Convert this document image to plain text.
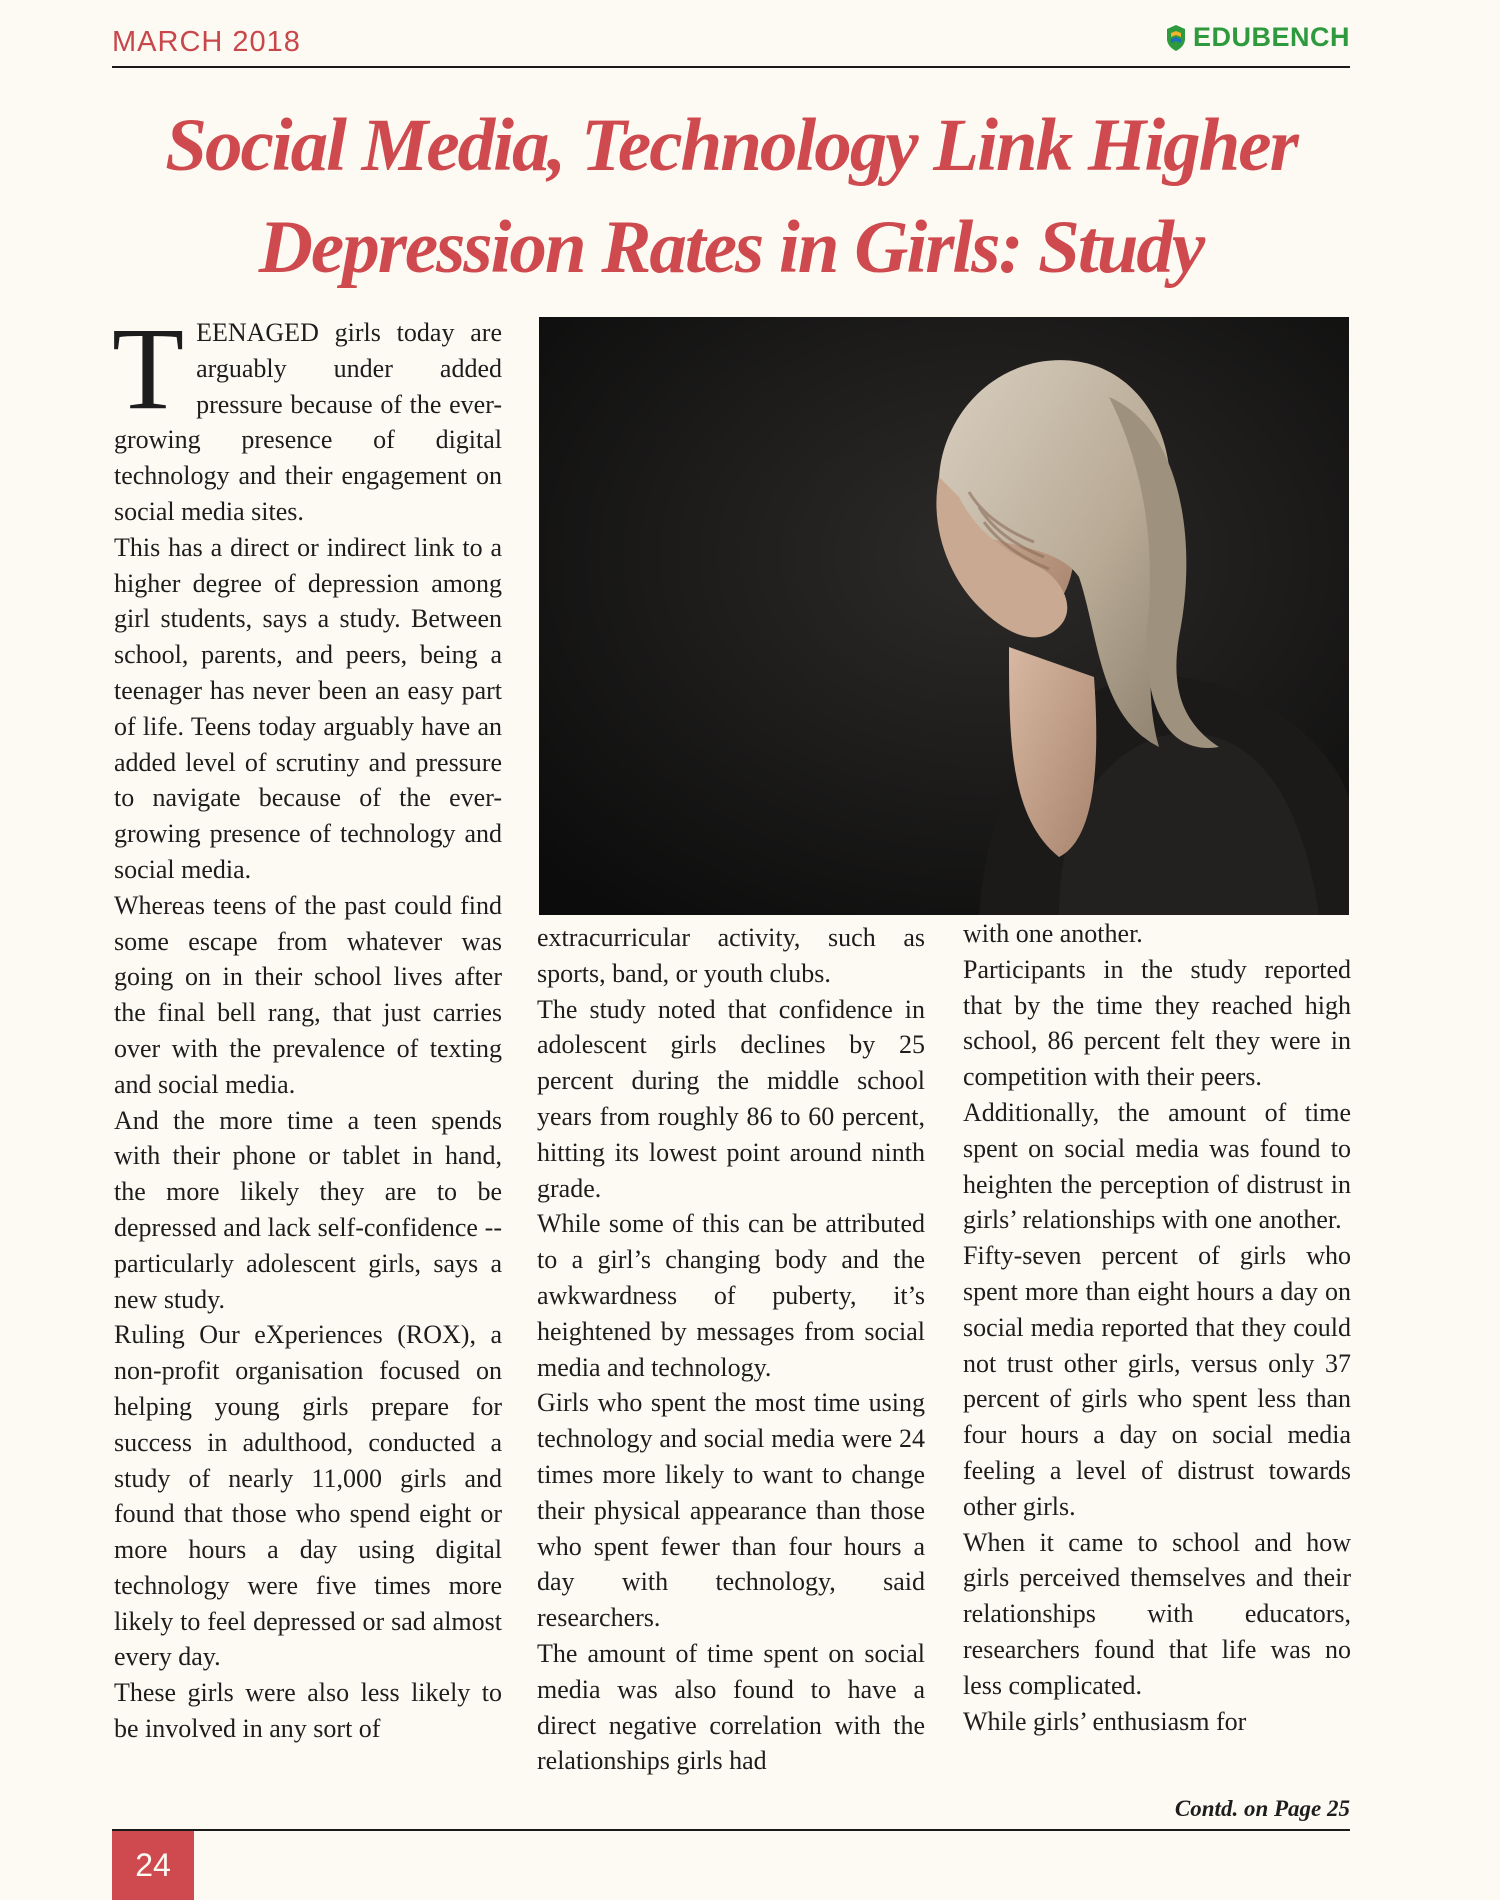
MARCH 2018	EDUBENCH
Social Media, Technology Link Higher Depression Rates in Girls: Study

TEENAGED girls today are arguably under added pressure because of the ever-growing presence of digital technology and their engagement on social media sites.

This has a direct or indirect link to a higher degree of depression among girl students, says a study. Between school, parents, and peers, being a teenager has never been an easy part of life. Teens today arguably have an added level of scrutiny and pressure to navigate because of the ever-growing presence of technology and social media.

Whereas teens of the past could find some escape from whatever was going on in their school lives after the final bell rang, that just carries over with the prevalence of texting and social media.

And the more time a teen spends with their phone or tablet in hand, the more likely they are to be depressed and lack self-confidence -- particularly adolescent girls, says a new study.

Ruling Our eXperiences (ROX), a non-profit organisation focused on helping young girls prepare for success in adulthood, conducted a study of nearly 11,000 girls and found that those who spend eight or more hours a day using digital technology were five times more likely to feel depressed or sad almost every day.

These girls were also less likely to be involved in any sort of

extracurricular activity, such as sports, band, or youth clubs.

The study noted that confidence in adolescent girls declines by 25 percent during the middle school years from roughly 86 to 60 percent, hitting its lowest point around ninth grade.

While some of this can be attributed to a girl’s changing body and the awkwardness of puberty, it’s heightened by messages from social media and technology.

Girls who spent the most time using technology and social media were 24 times more likely to want to change their physical appearance than those who spent fewer than four hours a day with technology, said researchers.

The amount of time spent on social media was also found to have a direct negative correlation with the relationships girls had

with one another.

Participants in the study reported that by the time they reached high school, 86 percent felt they were in competition with their peers.

Additionally, the amount of time spent on social media was found to heighten the perception of distrust in girls’ relationships with one another.

Fifty-seven percent of girls who spent more than eight hours a day on social media reported that they could not trust other girls, versus only 37 percent of girls who spent less than four hours a day on social media feeling a level of distrust towards other girls.

When it came to school and how girls perceived themselves and their relationships with educators, researchers found that life was no less complicated.

While girls’ enthusiasm for

Contd. on Page 25
24
